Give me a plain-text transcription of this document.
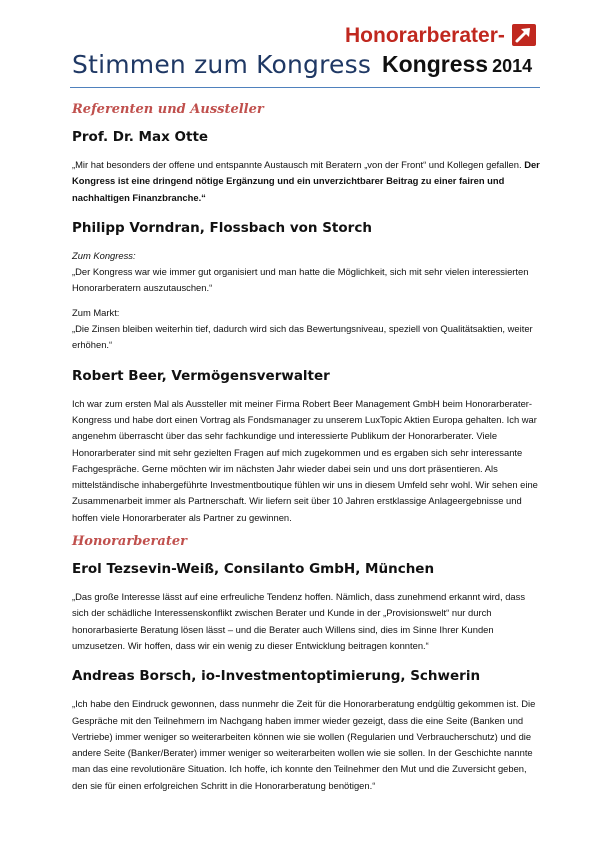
Stimmen zum Kongress
Honorarberater-
Kongress 2014
Referenten und Aussteller
Prof. Dr. Max Otte

„Mir hat besonders der offene und entspannte Austausch mit Beratern „von der Front“ und Kollegen gefallen. Der Kongress ist eine dringend nötige Ergänzung und ein unverzichtbarer Beitrag zu einer fairen und nachhaltigen Finanzbranche.“

Philipp Vorndran, Flossbach von Storch

Zum Kongress:
„Der Kongress war wie immer gut organisiert und man hatte die Möglichkeit, sich mit sehr vielen interessierten Honorarberatern auszutauschen.“

Zum Markt:
„Die Zinsen bleiben weiterhin tief, dadurch wird sich das Bewertungsniveau, speziell von Qualitätsaktien, weiter erhöhen.“

Robert Beer, Vermögensverwalter

Ich war zum ersten Mal als Aussteller mit meiner Firma Robert Beer Management GmbH beim Honorarberater-Kongress und habe dort einen Vortrag als Fondsmanager zu unserem LuxTopic Aktien Europa gehalten. Ich war angenehm überrascht über das sehr fachkundige und interessierte Publikum der Honorarberater. Viele Honorarberater sind mit sehr gezielten Fragen auf mich zugekommen und es ergaben sich sehr interessante Fachgespräche. Gerne möchten wir im nächsten Jahr wieder dabei sein und uns dort präsentieren. Als mittelständische inhabergeführte Investmentboutique fühlen wir uns in diesem Umfeld sehr wohl. Wir sehen eine Zusammenarbeit immer als Partnerschaft. Wir liefern seit über 10 Jahren erstklassige Anlageergebnisse und hoffen viele Honorarberater als Partner zu gewinnen.

Honorarberater
Erol Tezsevin-Weiß, Consilanto GmbH, München

„Das große Interesse lässt auf eine erfreuliche Tendenz hoffen. Nämlich, dass zunehmend erkannt wird, dass sich der schädliche Interessenskonflikt zwischen Berater und Kunde in der „Provisionswelt“ nur durch honorarbasierte Beratung lösen lässt – und die Berater auch Willens sind, dies im Sinne Ihrer Kunden umzusetzen. Wir hoffen, dass wir ein wenig zu dieser Entwicklung beitragen konnten.“

Andreas Borsch, io-Investmentoptimierung, Schwerin

„Ich habe den Eindruck gewonnen, dass nunmehr die Zeit für die Honorarberatung endgültig gekommen ist. Die Gespräche mit den Teilnehmern im Nachgang haben immer wieder gezeigt, dass die eine Seite (Banken und Vertriebe) immer weniger so weiterarbeiten können wie sie wollen (Regularien und Verbraucherschutz) und die andere Seite (Banker/Berater) immer weniger so weiterarbeiten wollen wie sie sollen. In der Geschichte nannte man das eine revolutionäre Situation. Ich hoffe, ich konnte den Teilnehmer den Mut und die Zuversicht geben, den sie für einen erfolgreichen Schritt in die Honorarberatung benötigen.“
